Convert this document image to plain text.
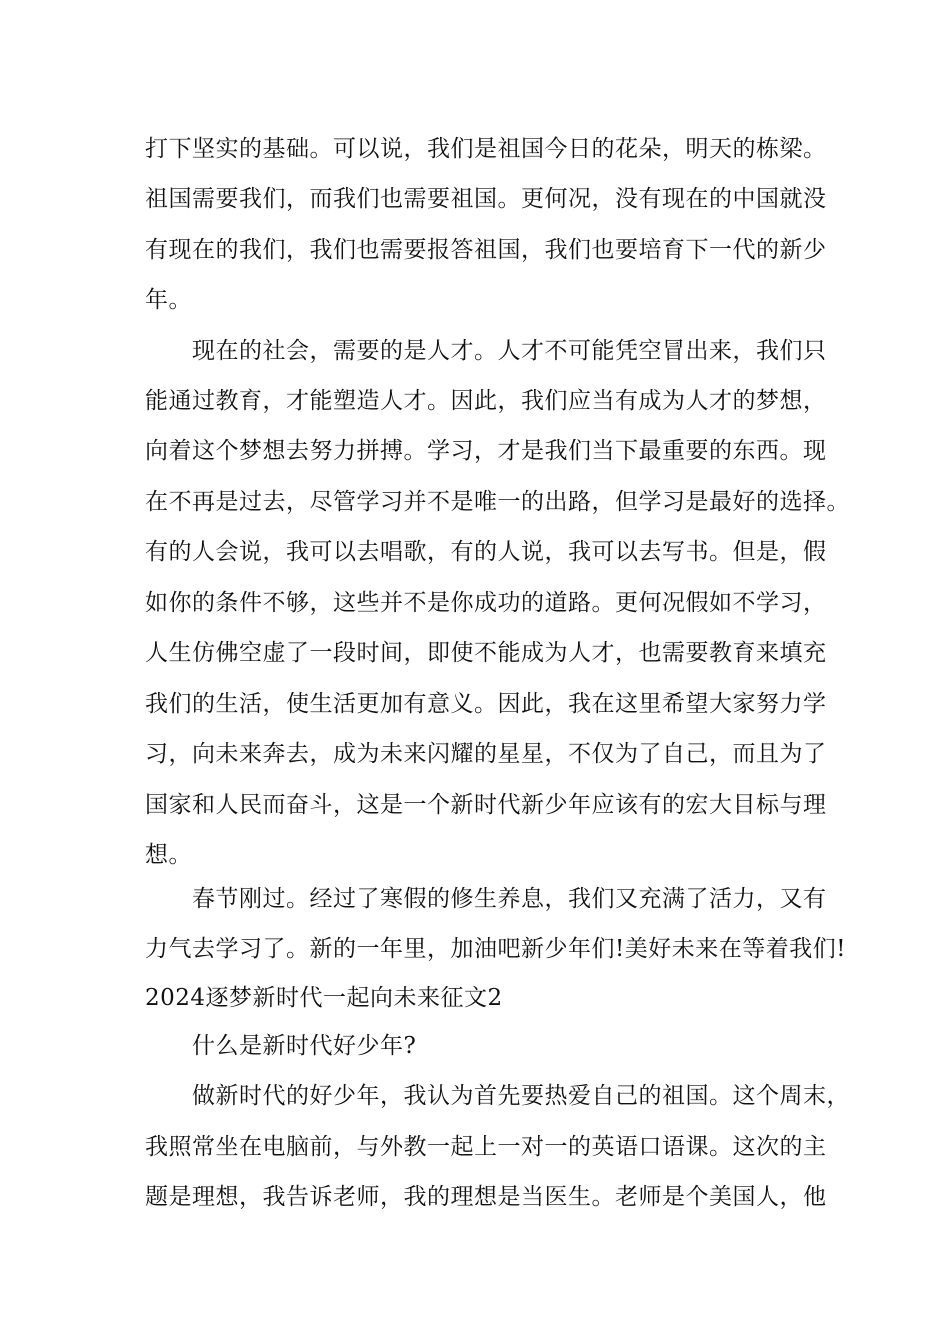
打下坚实的基础。可以说，我们是祖国今日的花朵，明天的栋梁。
祖国需要我们，而我们也需要祖国。更何况，没有现在的中国就没
有现在的我们，我们也需要报答祖国，我们也要培育下一代的新少
年。
现在的社会，需要的是人才。人才不可能凭空冒出来，我们只
能通过教育，才能塑造人才。因此，我们应当有成为人才的梦想，
向着这个梦想去努力拼搏。学习，才是我们当下最重要的东西。现
在不再是过去，尽管学习并不是唯一的出路，但学习是最好的选择。
有的人会说，我可以去唱歌，有的人说，我可以去写书。但是，假
如你的条件不够，这些并不是你成功的道路。更何况假如不学习，
人生仿佛空虚了一段时间，即使不能成为人才，也需要教育来填充
我们的生活，使生活更加有意义。因此，我在这里希望大家努力学
习，向未来奔去，成为未来闪耀的星星，不仅为了自己，而且为了
国家和人民而奋斗，这是一个新时代新少年应该有的宏大目标与理
想。
春节刚过。经过了寒假的修生养息，我们又充满了活力，又有
力气去学习了。新的一年里，加油吧新少年们!美好未来在等着我们!
2024逐梦新时代一起向未来征文2
什么是新时代好少年?
做新时代的好少年，我认为首先要热爱自己的祖国。这个周末，
我照常坐在电脑前，与外教一起上一对一的英语口语课。这次的主
题是理想，我告诉老师，我的理想是当医生。老师是个美国人，他
